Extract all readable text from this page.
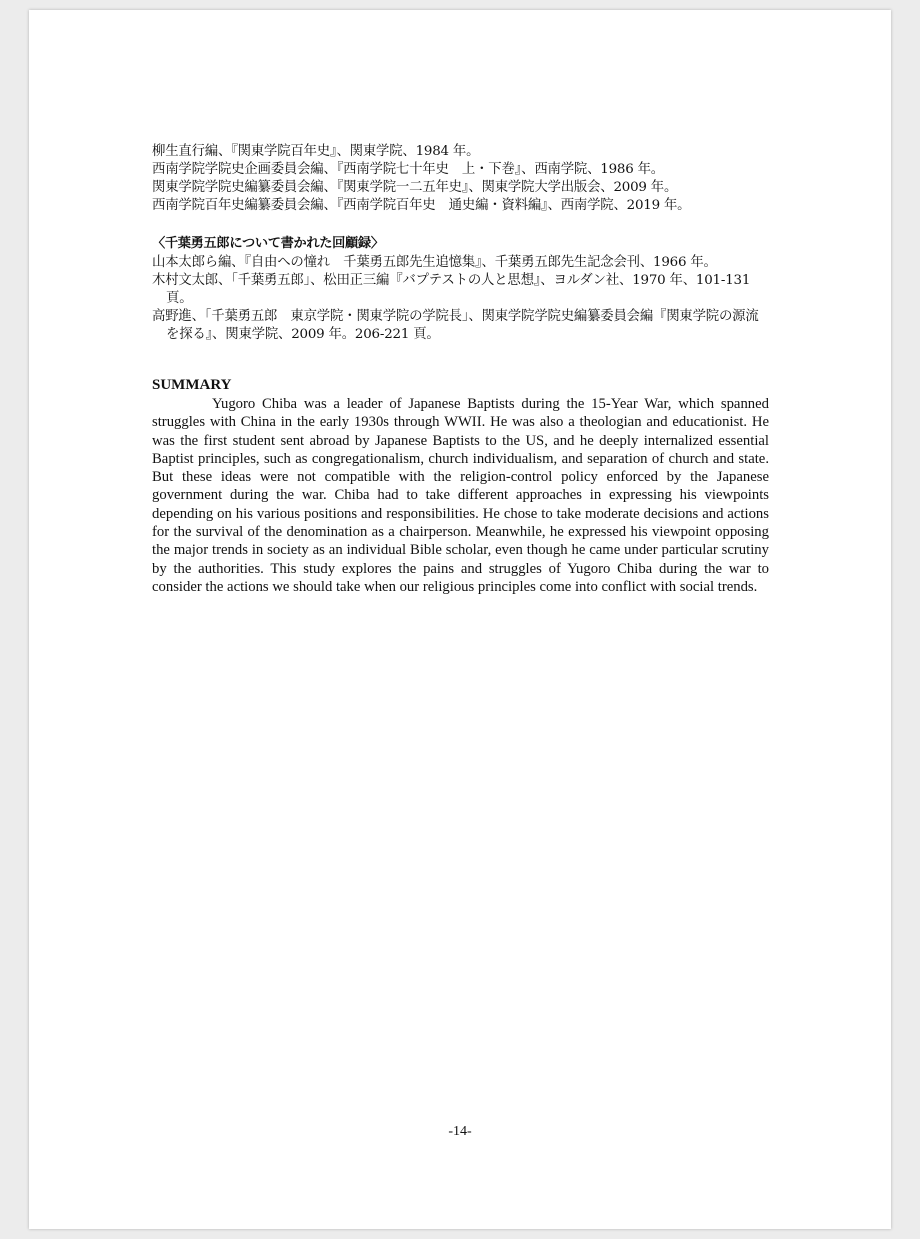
柳生直行編、『関東学院百年史』、関東学院、1984 年。

西南学院学院史企画委員会編、『西南学院七十年史　上・下巻』、西南学院、1986 年。

関東学院学院史編纂委員会編、『関東学院一二五年史』、関東学院大学出版会、2009 年。

西南学院百年史編纂委員会編、『西南学院百年史　通史編・資料編』、西南学院、2019 年。

〈千葉勇五郎について書かれた回顧録〉

山本太郎ら編、『自由への憧れ　千葉勇五郎先生追憶集』、千葉勇五郎先生記念会刊、1966 年。

木村文太郎、「千葉勇五郎」、松田正三編『バプテストの人と思想』、ヨルダン社、1970 年、101-131 頁。

高野進、「千葉勇五郎　東京学院・関東学院の学院長」、関東学院学院史編纂委員会編『関東学院の源流を探る』、関東学院、2009 年。206-221 頁。

SUMMARY

Yugoro Chiba was a leader of Japanese Baptists during the 15-Year War, which spanned struggles with China in the early 1930s through WWII. He was also a theologian and educationist. He was the first student sent abroad by Japanese Baptists to the US, and he deeply internalized essential Baptist principles, such as congregationalism, church individualism, and separation of church and state. But these ideas were not compatible with the religion-control policy enforced by the Japanese government during the war. Chiba had to take different approaches in expressing his viewpoints depending on his various positions and responsibilities. He chose to take moderate decisions and actions for the survival of the denomination as a chairperson. Meanwhile, he expressed his viewpoint opposing the major trends in society as an individual Bible scholar, even though he came under particular scrutiny by the authorities. This study explores the pains and struggles of Yugoro Chiba during the war to consider the actions we should take when our religious principles come into conflict with social trends.

-14-
